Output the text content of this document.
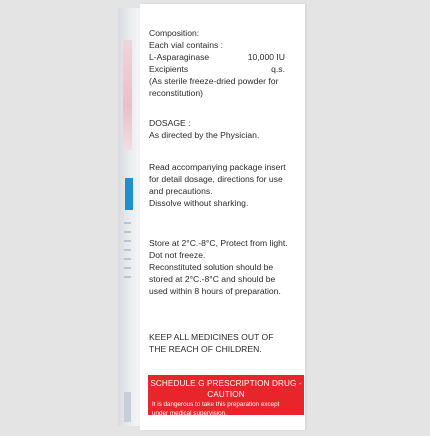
Composition:
Each vial contains :
L-Asparaginase	10,000 IU
Excipients	q.s.
(As sterile freeze-dried powder for
reconstitution)
DOSAGE :
As directed by the Physician.
Read accompanying package insert
for detail dosage, directions for use
and precautions.
Dissolve without sharking.
Store at 2°C.-8°C, Protect from light.
Dot not freeze.
Reconstituted solution should be
stored at 2°C.-8°C and should be
used within 8 hours of preparation.
KEEP ALL MEDICINES OUT OF
THE REACH OF CHILDREN.
SCHEDULE G PRESCRIPTION DRUG - CAUTION
It is dangerous to take this preparation except
under medical supervision.
